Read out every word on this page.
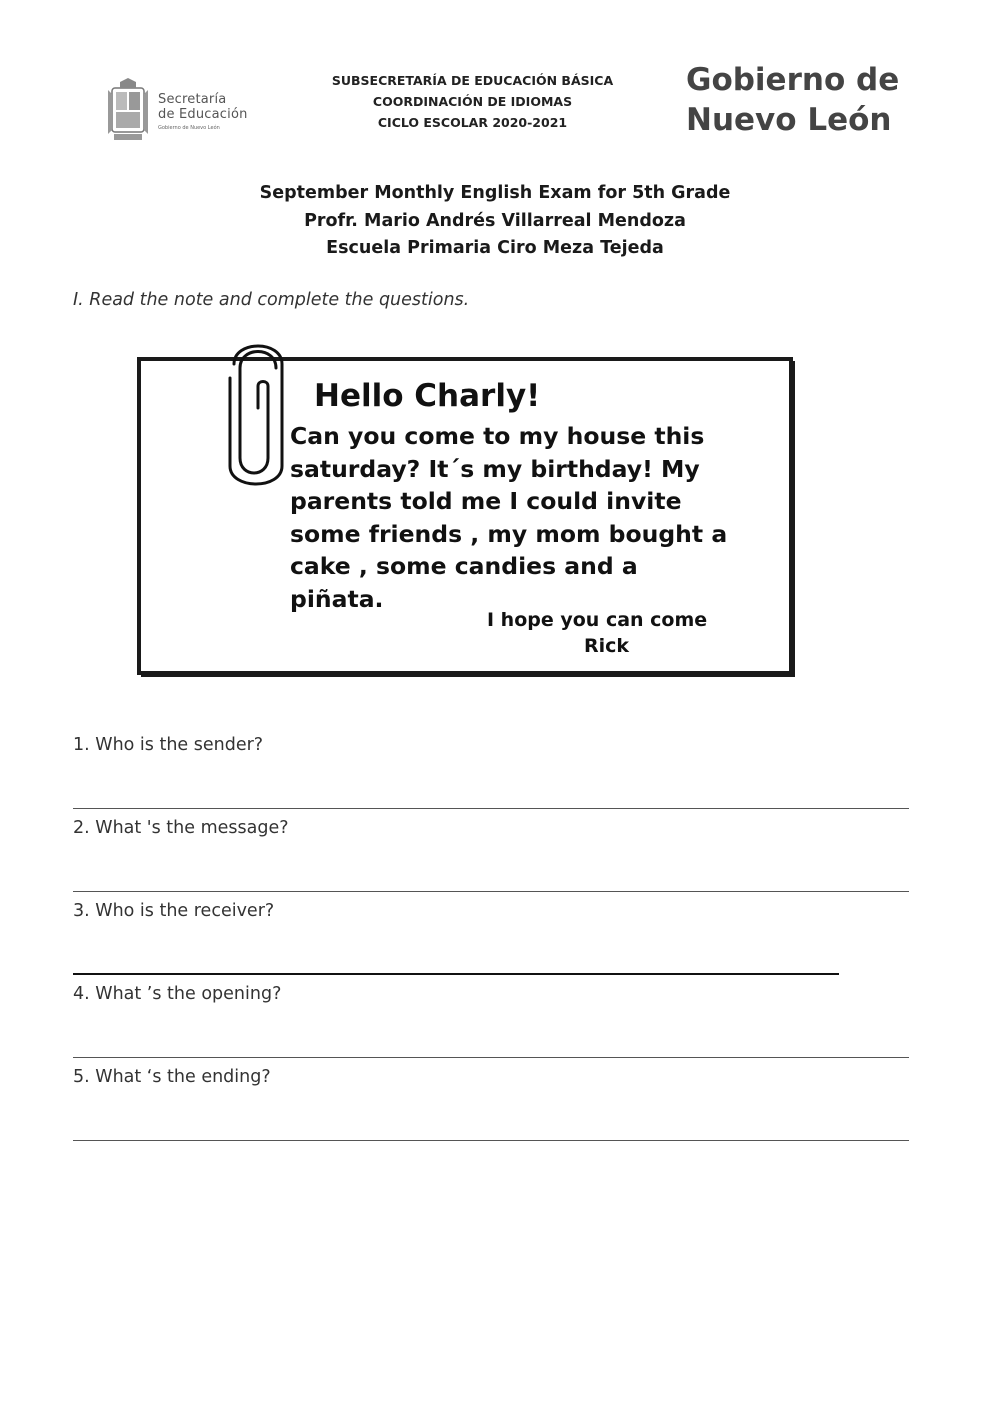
Secretaría
de Educación
Gobierno de Nuevo León
SUBSECRETARÍA DE EDUCACIÓN BÁSICA
COORDINACIÓN DE IDIOMAS
CICLO ESCOLAR 2020-2021
Gobierno de
Nuevo León
September Monthly English Exam for 5th Grade
Profr. Mario Andrés Villarreal Mendoza
Escuela Primaria Ciro Meza Tejeda
I. Read the note and complete the questions.
Hello Charly!
Can you come to my house this
saturday? It´s my birthday! My
parents told me I could invite
some friends , my mom bought a
cake , some candies and a
piñata.
I hope you can come
Rick
1. Who is the sender?
2. What 's the message?
3. Who is the receiver?
4. What ’s the opening?
5. What ‘s the ending?
